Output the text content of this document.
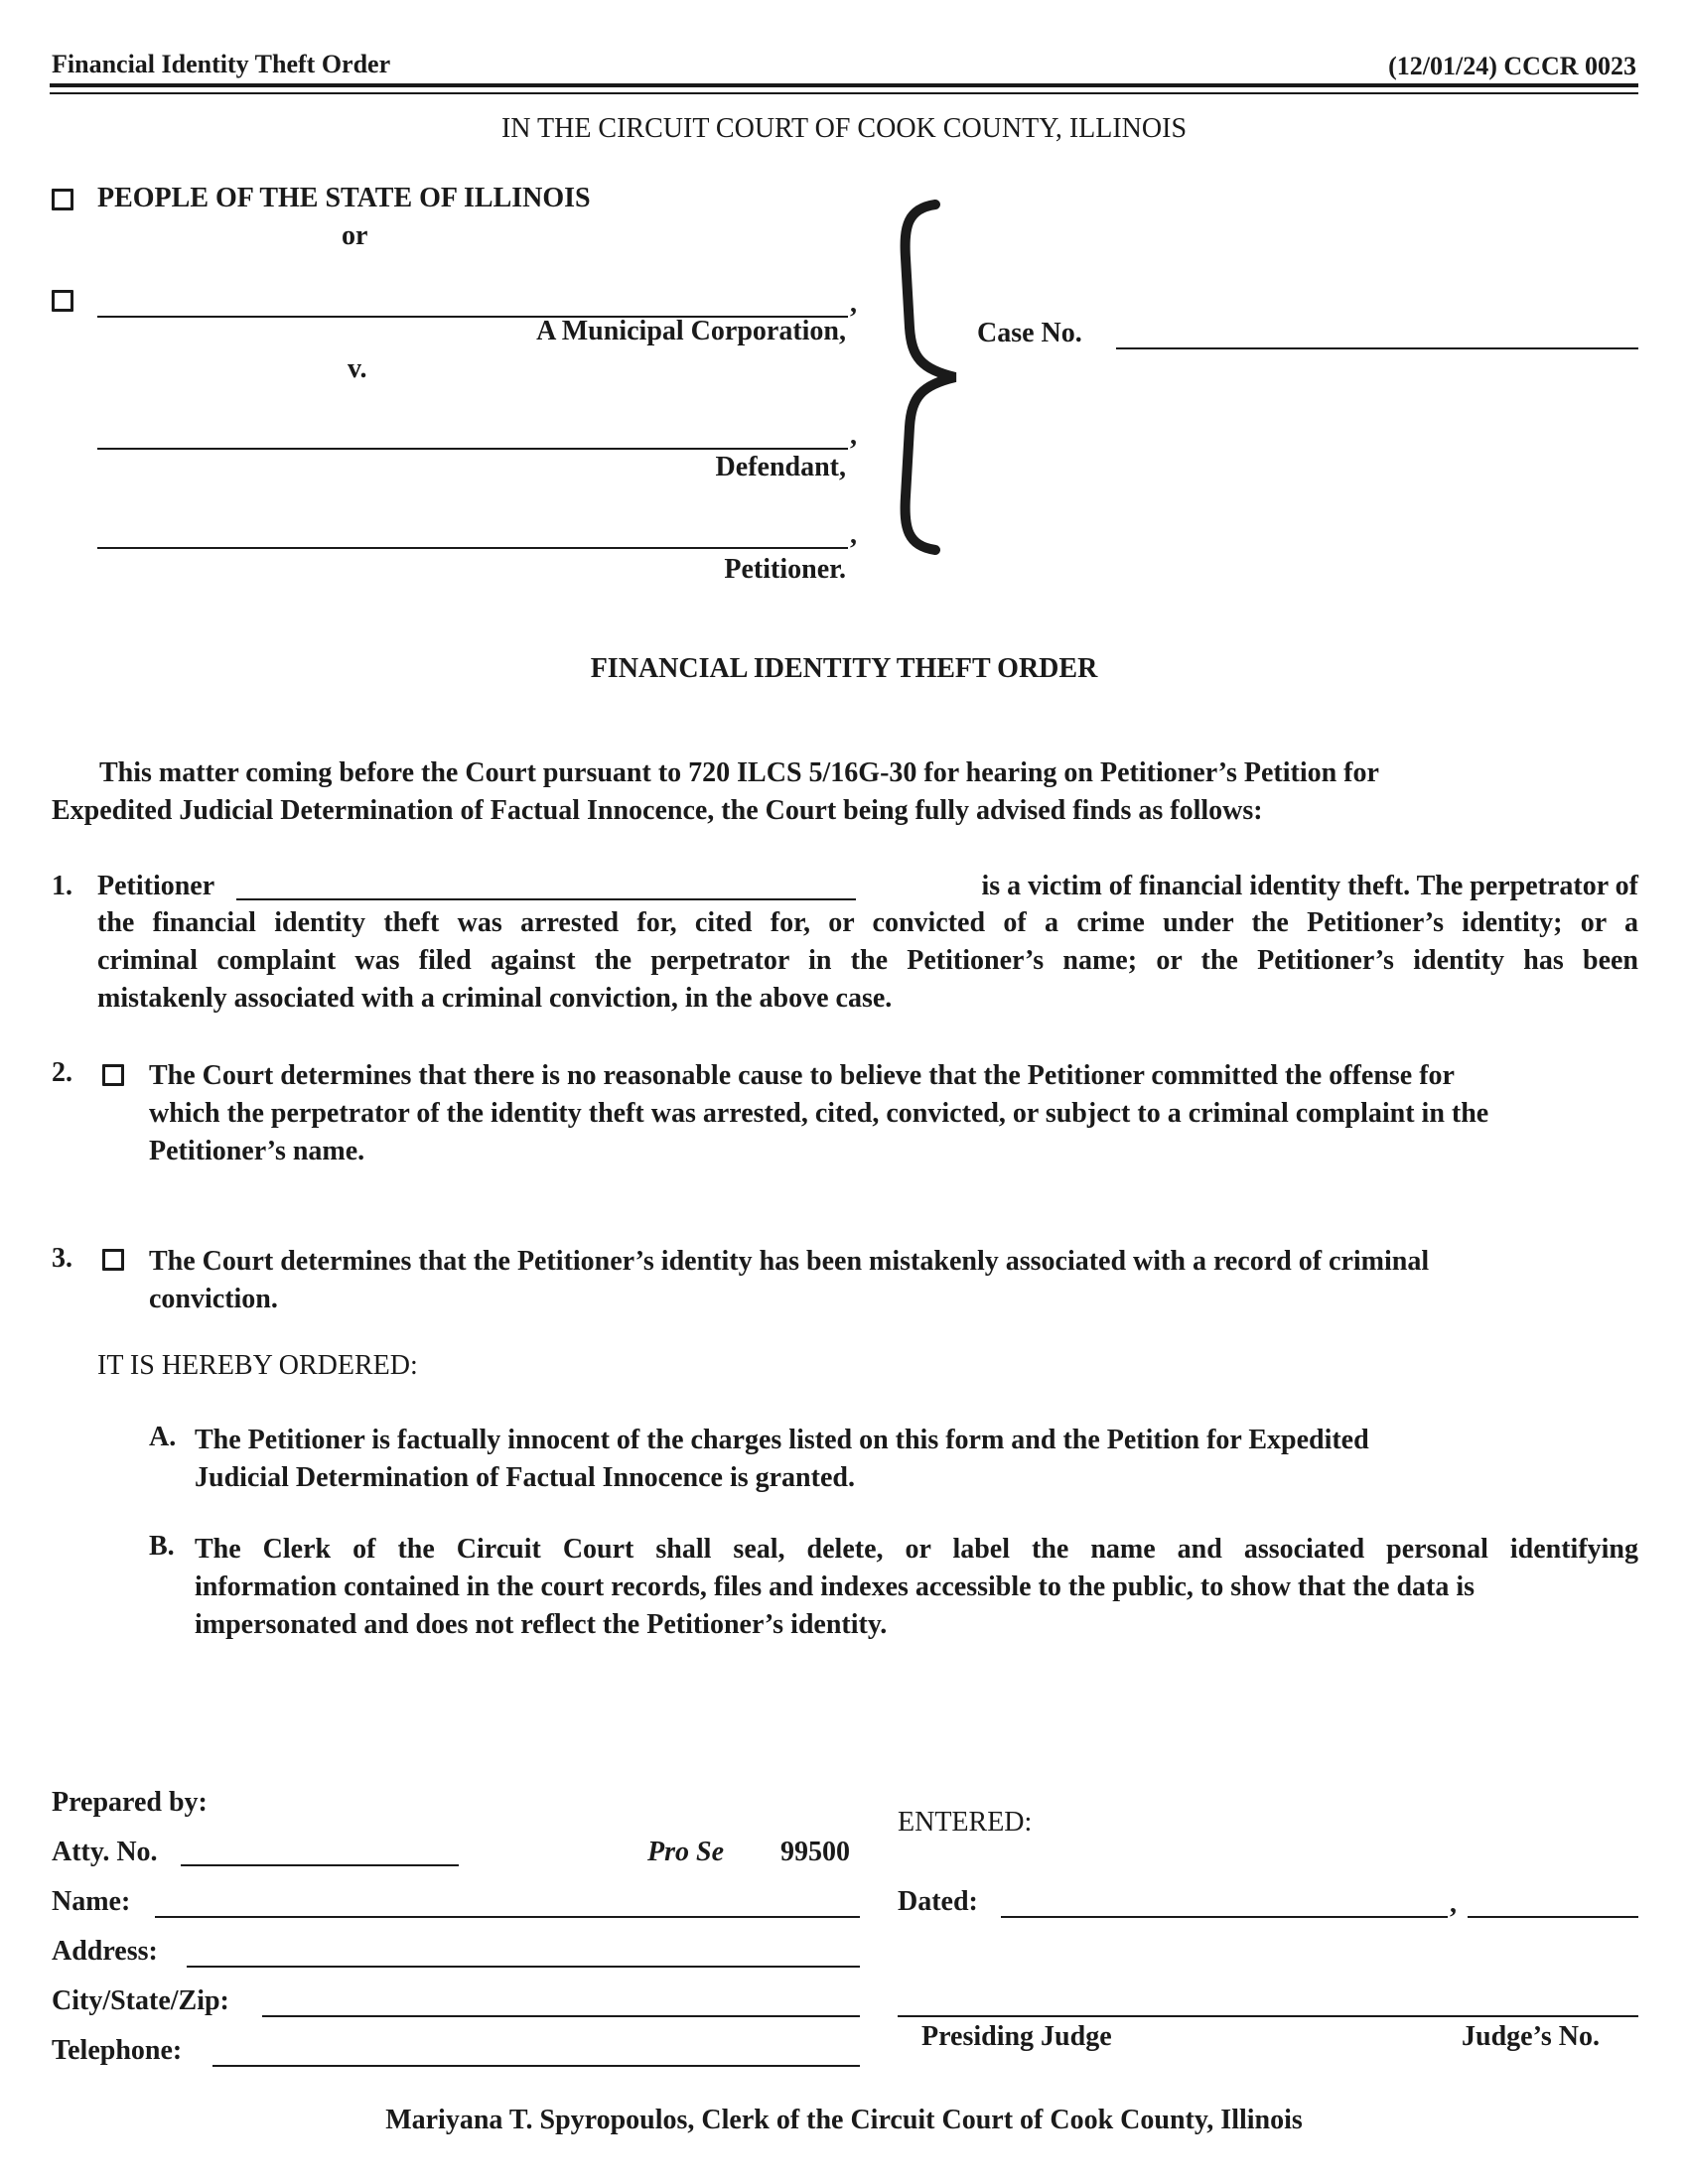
Financial Identity Theft Order	(12/01/24) CCCR 0023
IN THE CIRCUIT COURT OF COOK COUNTY, ILLINOIS
PEOPLE OF THE STATE OF ILLINOIS
or
,
A Municipal Corporation,
v.
,
Defendant,
,
Petitioner.
Case No.
FINANCIAL IDENTITY THEFT ORDER
This matter coming before the Court pursuant to 720 ILCS 5/16G-30 for hearing on Petitioner’s Petition for
Expedited Judicial Determination of Factual Innocence, the Court being fully advised finds as follows:
1. Petitioner	is a victim of financial identity theft. The perpetrator of
the financial identity theft was arrested for, cited for, or convicted of a crime under the Petitioner’s identity; or a
criminal complaint was filed against the perpetrator in the Petitioner’s name; or the Petitioner’s identity has been
mistakenly associated with a criminal conviction, in the above case.
2.	The Court determines that there is no reasonable cause to believe that the Petitioner committed the offense for
which the perpetrator of the identity theft was arrested, cited, convicted, or subject to a criminal complaint in the
Petitioner’s name.
3.	The Court determines that the Petitioner’s identity has been mistakenly associated with a record of criminal
conviction.
IT IS HEREBY ORDERED:
A. The Petitioner is factually innocent of the charges listed on this form and the Petition for Expedited
Judicial Determination of Factual Innocence is granted.
B. The Clerk of the Circuit Court shall seal, delete, or label the name and associated personal identifying
information contained in the court records, files and indexes accessible to the public, to show that the data is
impersonated and does not reflect the Petitioner’s identity.
Prepared by:
Atty. No.	Pro Se 99500
Name:
Address:
City/State/Zip:
Telephone:
ENTERED:
Dated:	,
Presiding Judge	Judge’s No.
Mariyana T. Spyropoulos, Clerk of the Circuit Court of Cook County, Illinois
